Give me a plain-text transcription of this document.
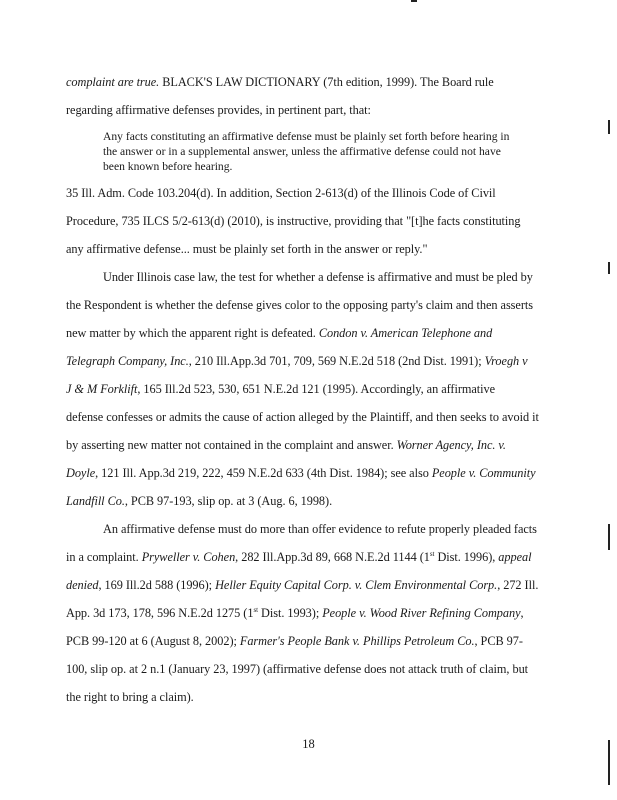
complaint are true. BLACK'S LAW DICTIONARY (7th edition, 1999). The Board rule
regarding affirmative defenses provides, in pertinent part, that:
Any facts constituting an affirmative defense must be plainly set forth before hearing in
the answer or in a supplemental answer, unless the affirmative defense could not have
been known before hearing.
35 Ill. Adm. Code 103.204(d). In addition, Section 2-613(d) of the Illinois Code of Civil
Procedure, 735 ILCS 5/2-613(d) (2010), is instructive, providing that "[t]he facts constituting
any affirmative defense... must be plainly set forth in the answer or reply."
Under Illinois case law, the test for whether a defense is affirmative and must be pled by
the Respondent is whether the defense gives color to the opposing party's claim and then asserts
new matter by which the apparent right is defeated. Condon v. American Telephone and
Telegraph Company, Inc., 210 Ill.App.3d 701, 709, 569 N.E.2d 518 (2nd Dist. 1991); Vroegh v
J & M Forklift, 165 Ill.2d 523, 530, 651 N.E.2d 121 (1995). Accordingly, an affirmative
defense confesses or admits the cause of action alleged by the Plaintiff, and then seeks to avoid it
by asserting new matter not contained in the complaint and answer. Worner Agency, Inc. v.
Doyle, 121 Ill. App.3d 219, 222, 459 N.E.2d 633 (4th Dist. 1984); see also People v. Community
Landfill Co., PCB 97-193, slip op. at 3 (Aug. 6, 1998).
An affirmative defense must do more than offer evidence to refute properly pleaded facts
in a complaint. Pryweller v. Cohen, 282 Ill.App.3d 89, 668 N.E.2d 1144 (1st Dist. 1996), appeal
denied, 169 Ill.2d 588 (1996); Heller Equity Capital Corp. v. Clem Environmental Corp., 272 Ill.
App. 3d 173, 178, 596 N.E.2d 1275 (1st Dist. 1993); People v. Wood River Refining Company,
PCB 99-120 at 6 (August 8, 2002); Farmer's People Bank v. Phillips Petroleum Co., PCB 97-
100, slip op. at 2 n.1 (January 23, 1997) (affirmative defense does not attack truth of claim, but
the right to bring a claim).
18
